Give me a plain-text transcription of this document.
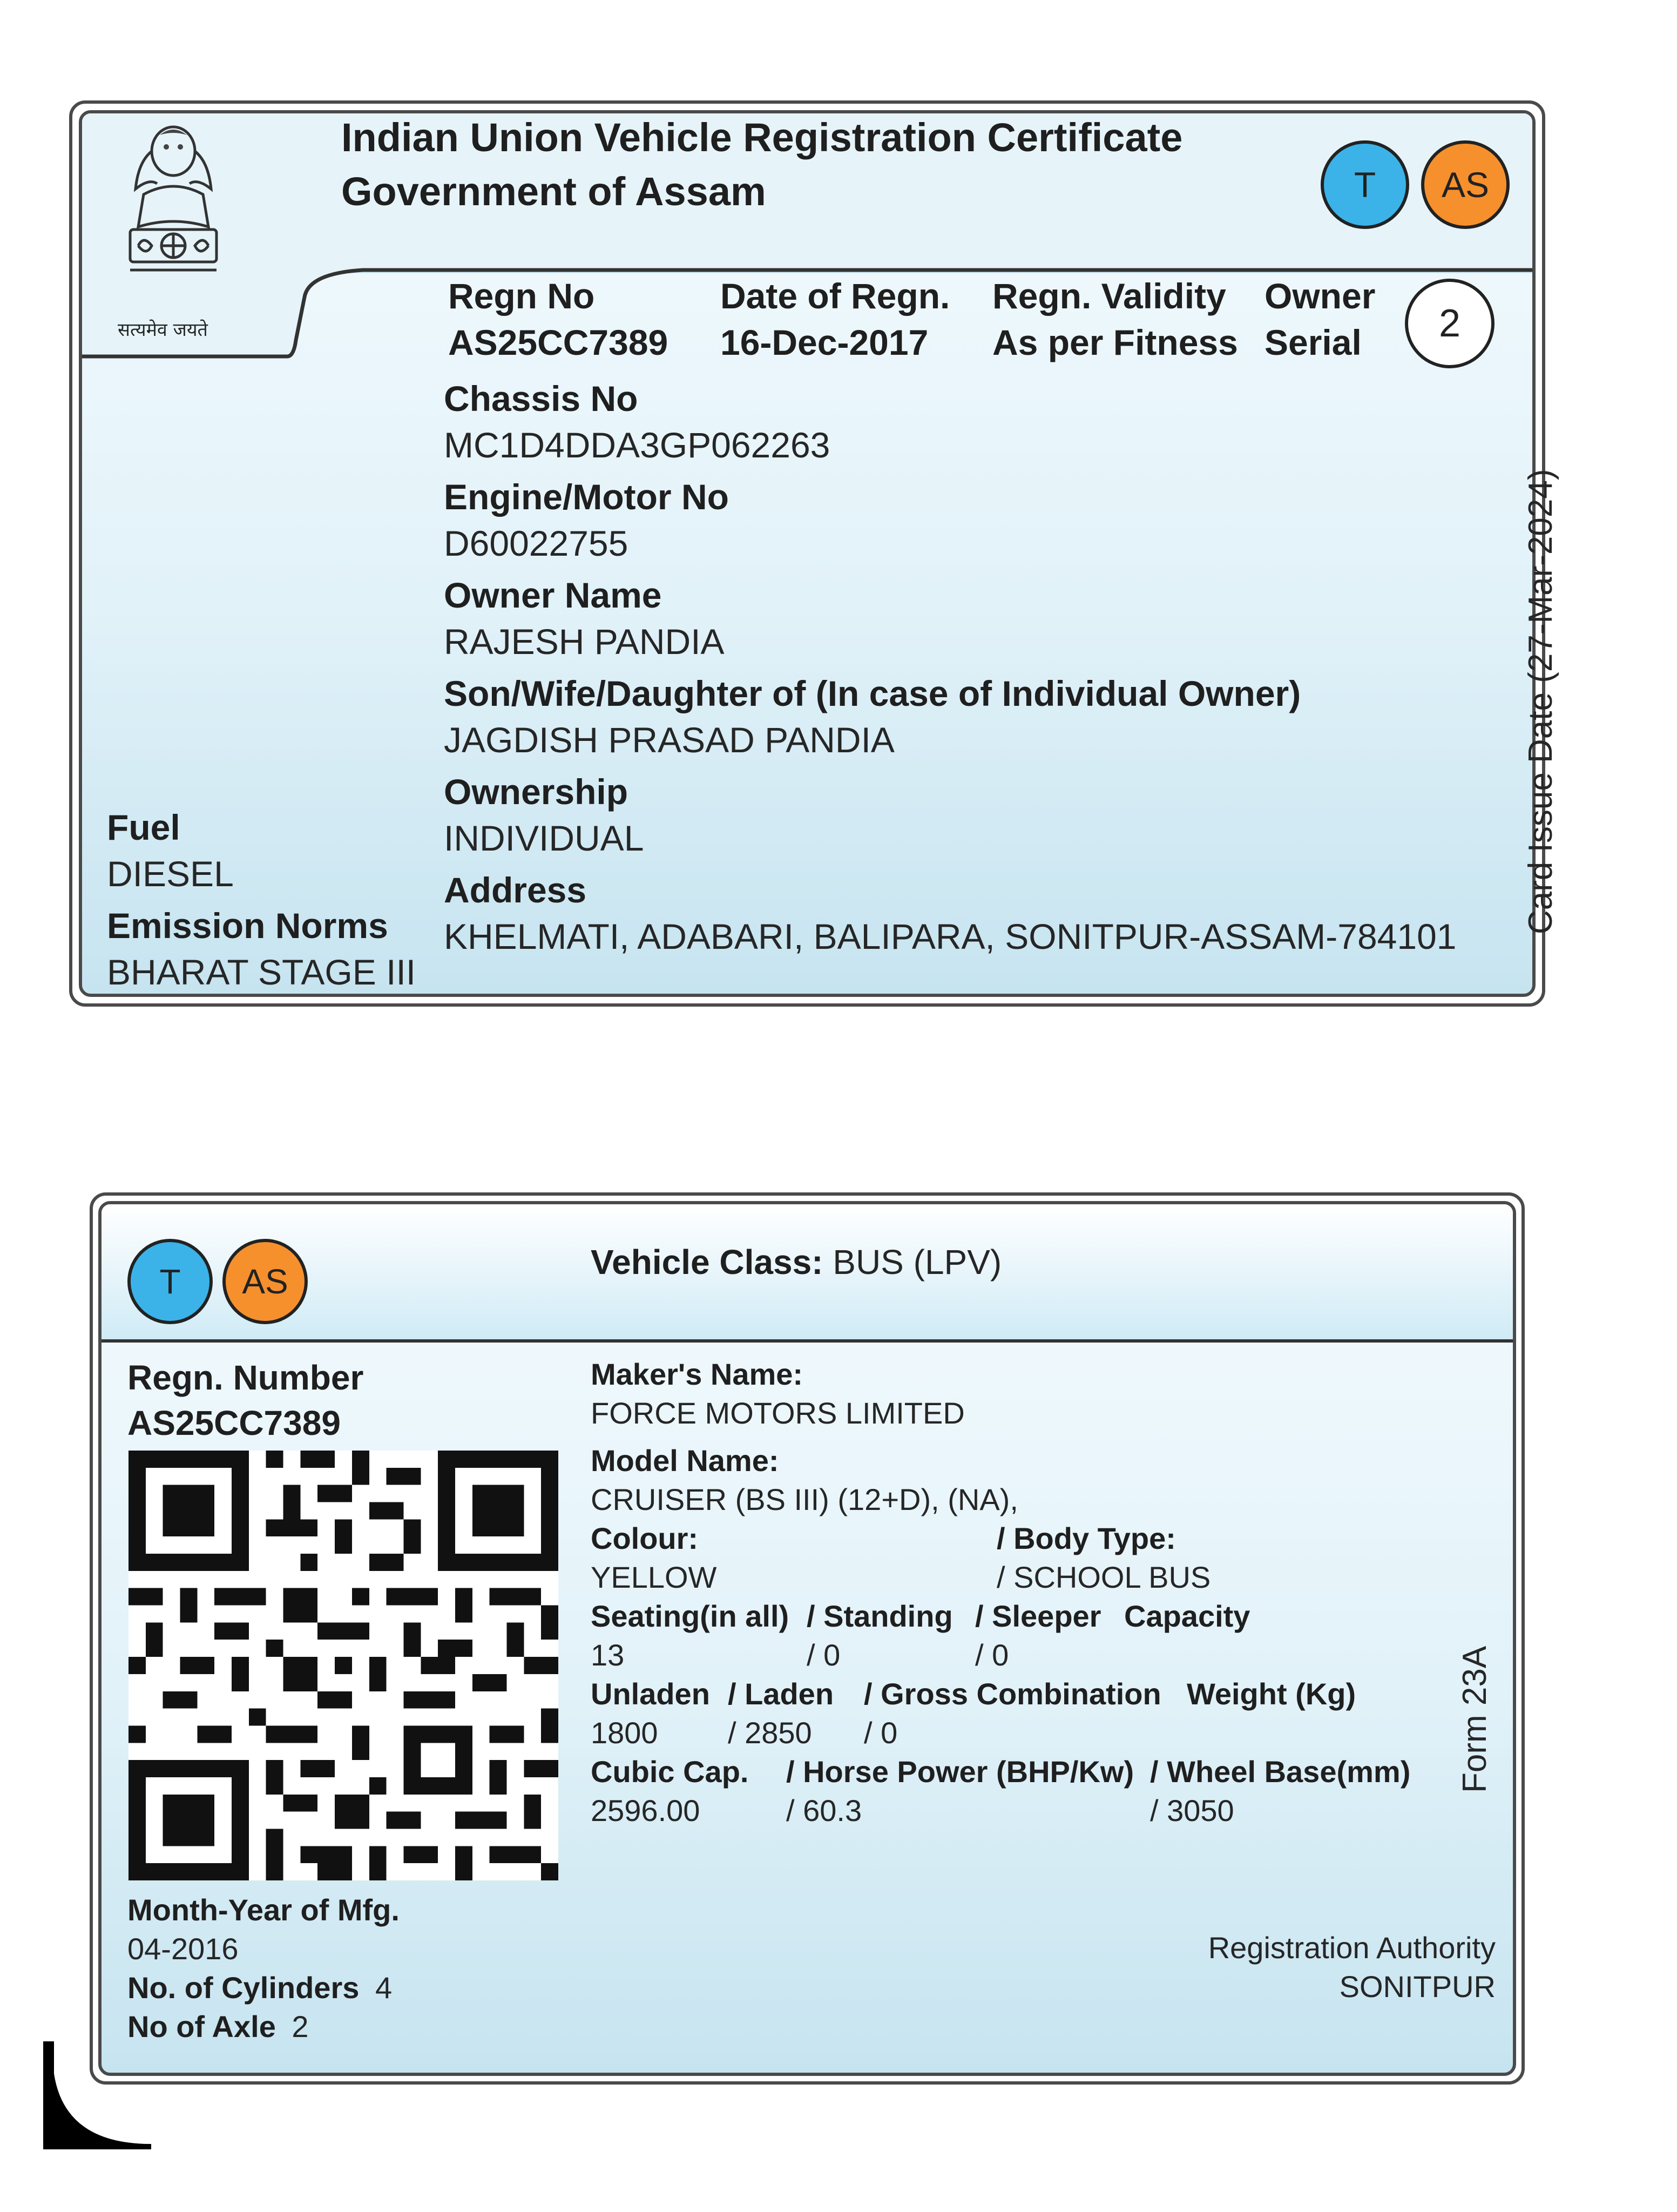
सत्यमेव जयते
Indian Union Vehicle Registration Certificate
Government of Assam	T AS
Regn No
AS25CC7389
Date of Regn.
16-Dec-2017
Regn. Validity
As per Fitness
Owner
Serial 2
Chassis No
MC1D4DDA3GP062263
Engine/Motor No
D60022755
Owner Name
RAJESH PANDIA
Son/Wife/Daughter of (In case of Individual Owner)
JAGDISH PRASAD PANDIA
Ownership
INDIVIDUAL
Address
KHELMATI, ADABARI, BALIPARA, SONITPUR-ASSAM-784101
Fuel
DIESEL
Emission Norms
BHARAT STAGE III
Card Issue Date (27-Mar-2024)
T AS	Vehicle Class: BUS (LPV)
Regn. Number
AS25CC7389
Maker's Name:
FORCE MOTORS LIMITED
Model Name:
CRUISER (BS III) (12+D), (NA),
Colour:	/ Body Type:
YELLOW	/ SCHOOL BUS
Seating(in all) / Standing / Sleeper Capacity
13	/ 0	/ 0
Unladen / Laden / Gross Combination Weight (Kg)
1800 / 2850 / 0
Cubic Cap. / Horse Power (BHP/Kw) / Wheel Base(mm)
2596.00	/ 60.3	/ 3050
Form 23A
Month-Year of Mfg.
04-2016
No. of Cylinders 4
No of Axle 2
Registration Authority
SONITPUR
